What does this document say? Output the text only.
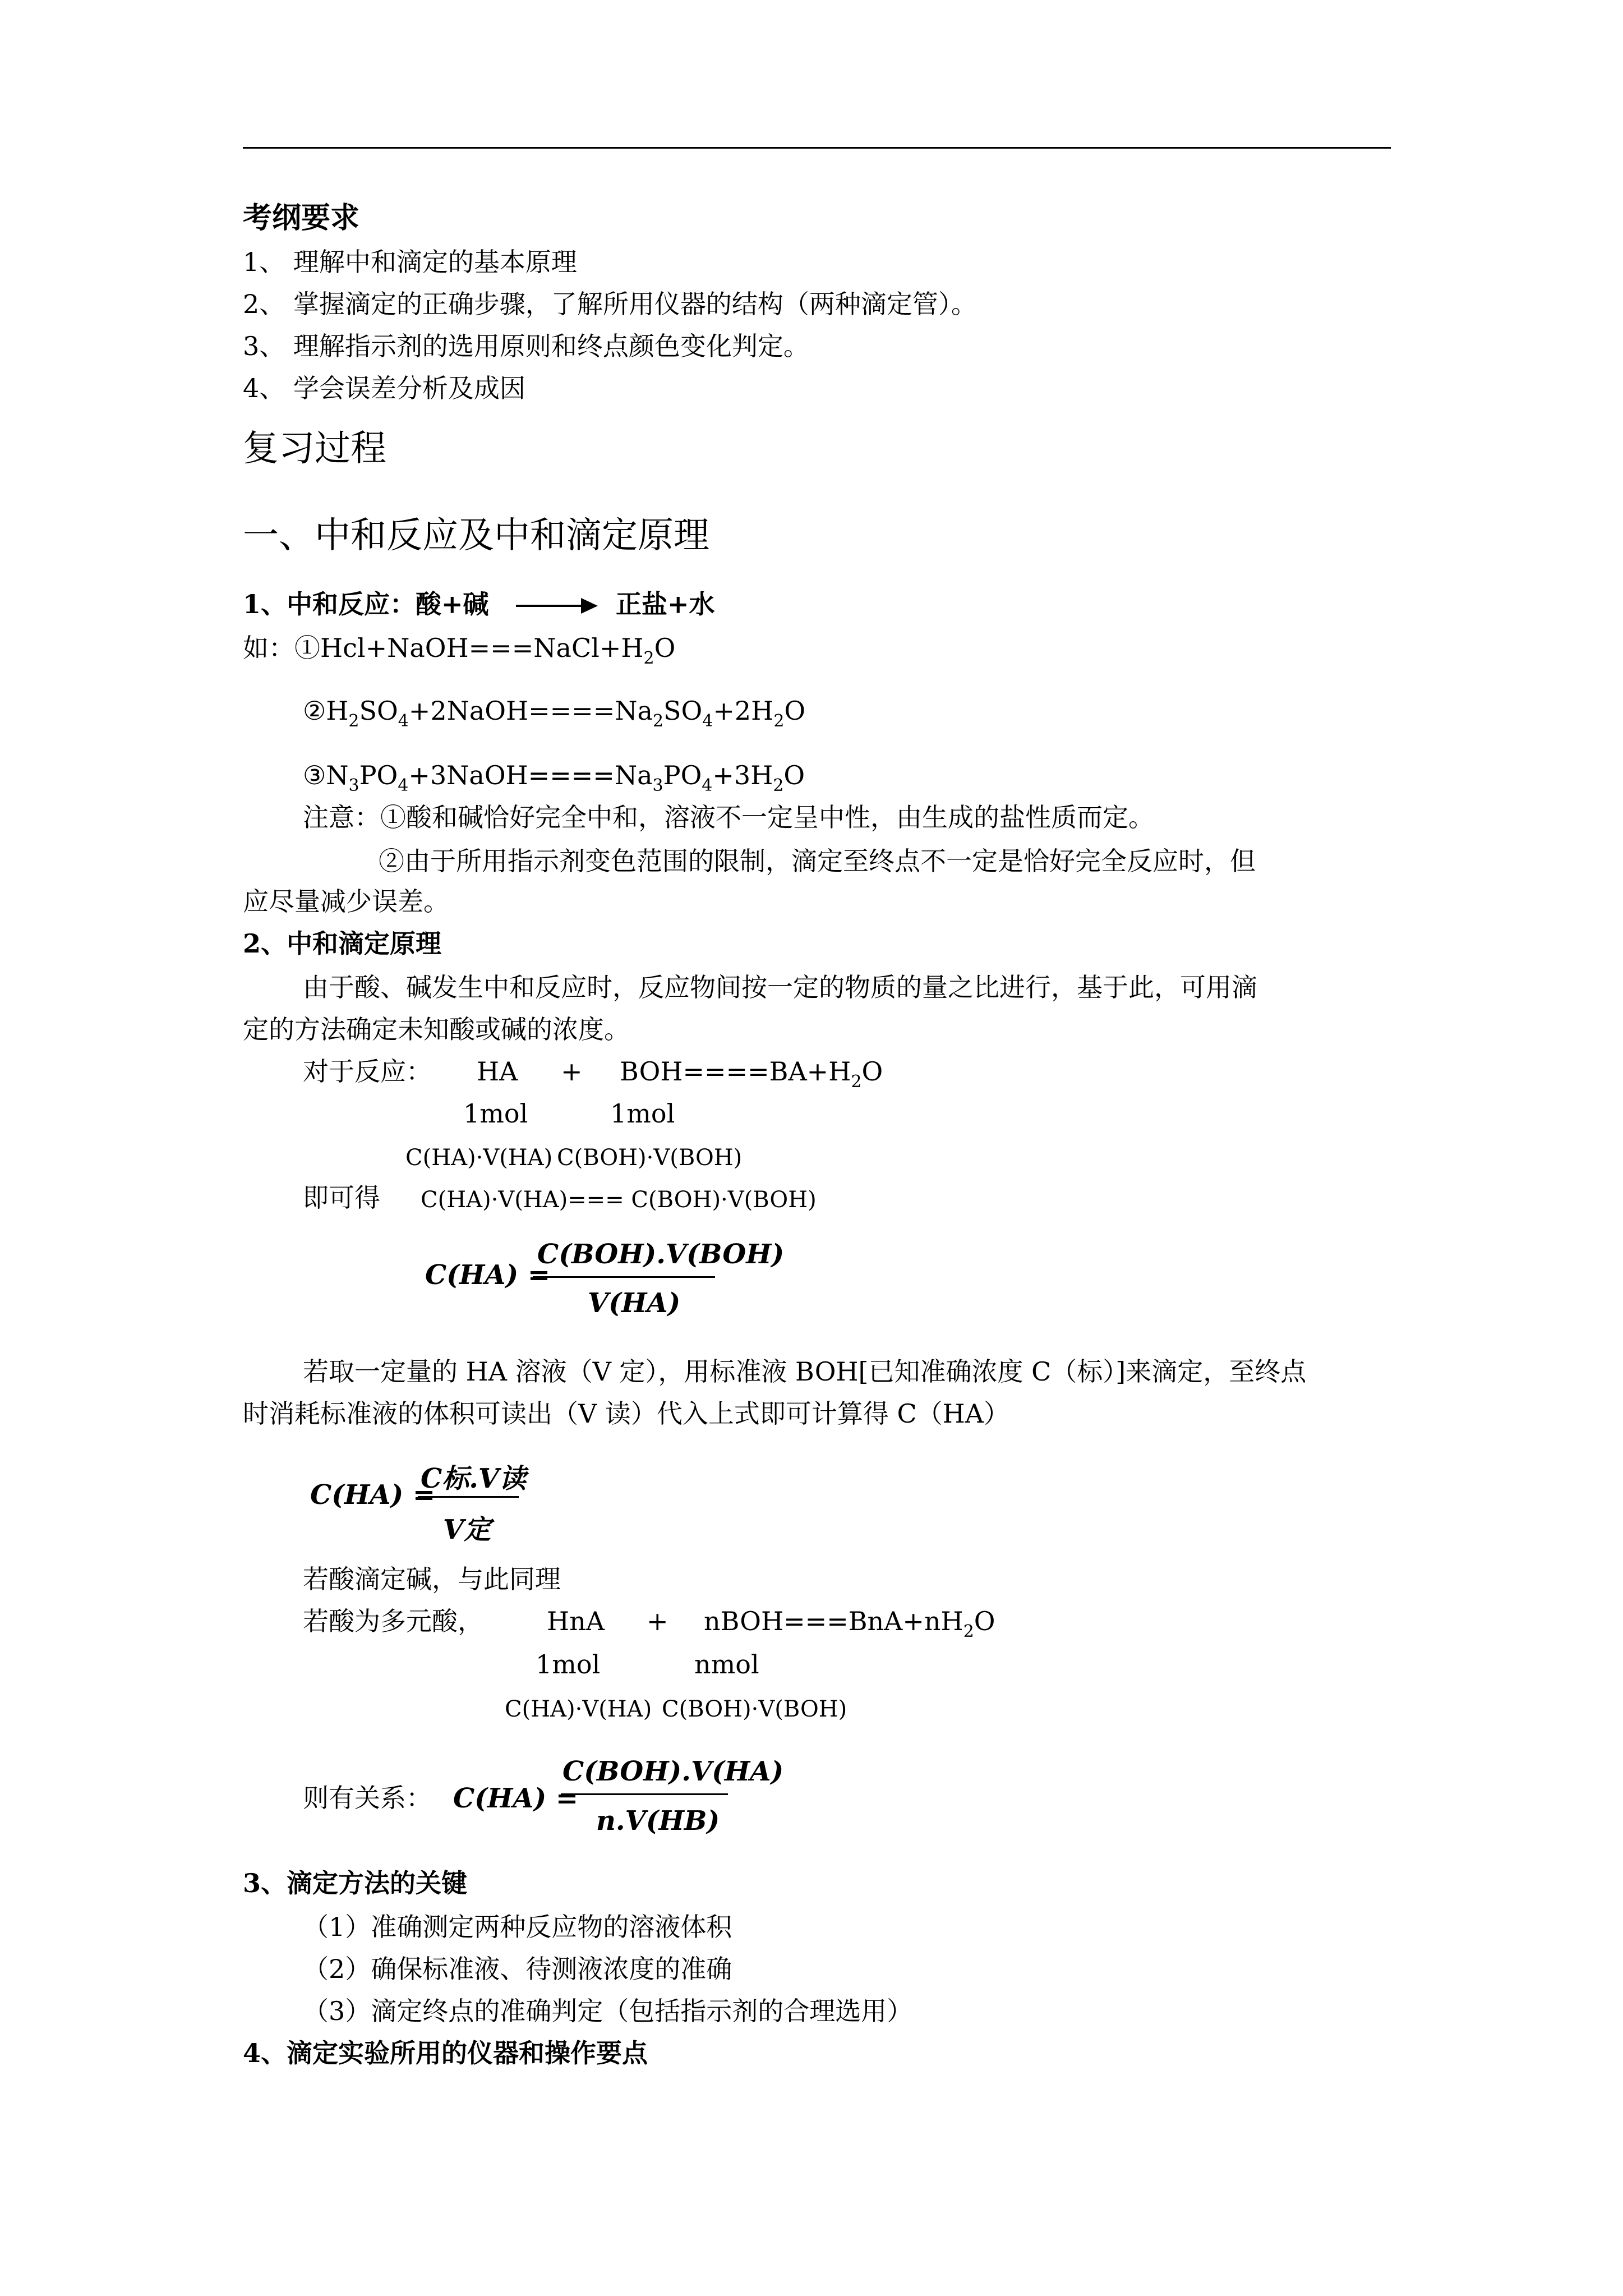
考纲要求
1、 理解中和滴定的基本原理
2、 掌握滴定的正确步骤，了解所用仪器的结构（两种滴定管）。
3、 理解指示剂的选用原则和终点颜色变化判定。
4、 学会误差分析及成因
复习过程
一、中和反应及中和滴定原理
1、中和反应：酸+碱	正盐+水
如：$①Hcl+NaOH===NaCl+H_2O$
$②H_2SO_4+2NaOH====Na_2SO_4+2H_2O$
$③N_3PO_4+3NaOH====Na_3PO_4+3H_2O$
注意：①酸和碱恰好完全中和，溶液不一定呈中性，由生成的盐性质而定。
②由于所用指示剂变色范围的限制，滴定至终点不一定是恰好完全反应时，但
应尽量减少误差。
2、中和滴定原理
由于酸、碱发生中和反应时，反应物间按一定的物质的量之比进行，基于此，可用滴
定的方法确定未知酸或碱的浓度。
对于反应： HA + $BOH====BA+H_2O$
1mol	1mol
C(HA)·V(HA) C(BOH)·V(BOH)
即可得 C(HA)·V(HA)=== C(BOH)·V(BOH)
C(HA) =
C(BOH).V(BOH)
V(HA)
若取一定量的 HA 溶液（V 定），用标准液 BOH[已知准确浓度 C（标）]来滴定，至终点
时消耗标准液的体积可读出（V 读）代入上式即可计算得 C（HA）
C(HA) =
C标.V读
V定
若酸滴定碱，与此同理
若酸为多元酸， HnA + $nBOH===BnA+nH_2O$
1mol	nmol
C(HA)·V(HA) C(BOH)·V(BOH)
则有关系： C(HA) =
C(BOH).V(HA)
n.V(HB)
3、滴定方法的关键
（1）准确测定两种反应物的溶液体积
（2）确保标准液、待测液浓度的准确
（3）滴定终点的准确判定（包括指示剂的合理选用）
4、滴定实验所用的仪器和操作要点
